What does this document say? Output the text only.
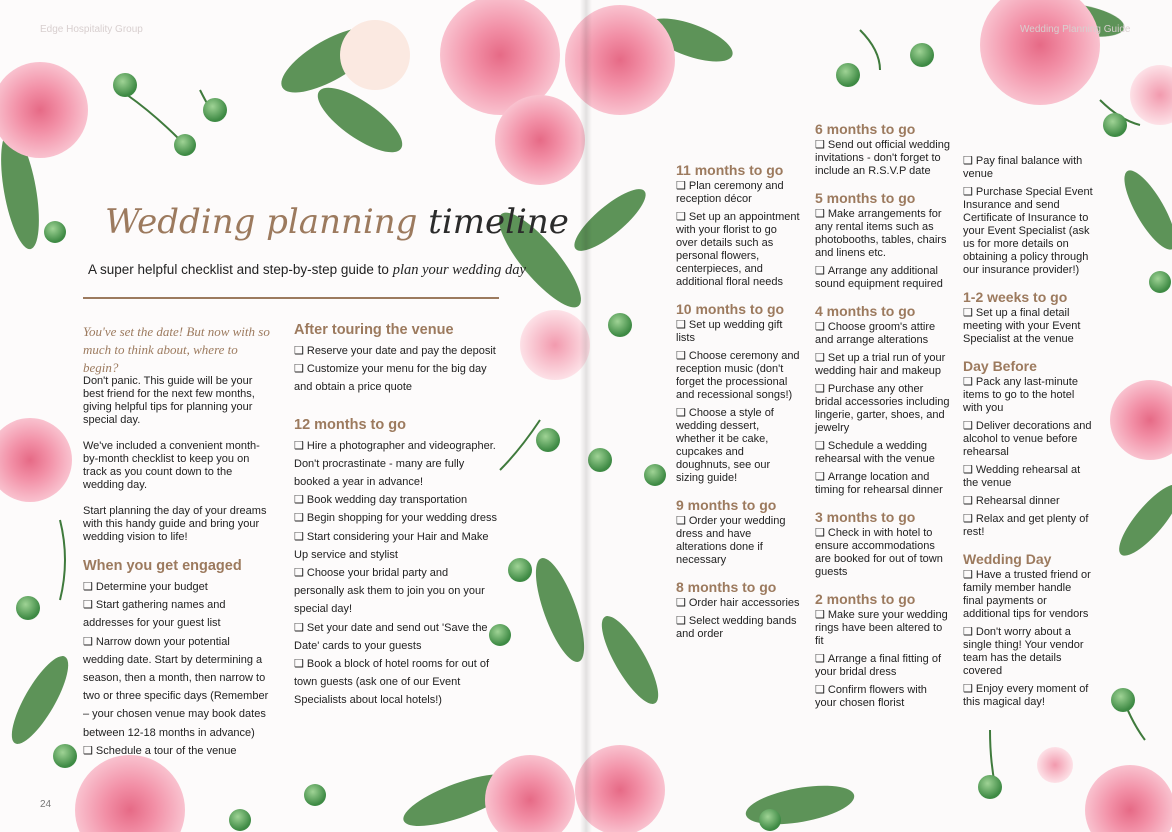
Edge Hospitality Group	Wedding Planning Guide
24
Wedding planning timeline
A super helpful checklist and step-by-step guide to plan your wedding day
You've set the date! But now with so much to think about, where to begin?

Don't panic. This guide will be your best friend for the next few months, giving helpful tips for planning your special day.

We've included a convenient month-by-month checklist to keep you on track as you count down to the wedding day.

Start planning the day of your dreams with this handy guide and bring your wedding vision to life!

When you get engaged
❑ Determine your budget
❑ Start gathering names and addresses for your guest list
❑ Narrow down your potential wedding date. Start by determining a season, then a month, then narrow to two or three specific days (Remember – your chosen venue may book dates between 12-18 months in advance)
❑ Schedule a tour of the venue
After touring the venue
❑ Reserve your date and pay the deposit
❑ Customize your menu for the big day and obtain a price quote
12 months to go
❑ Hire a photographer and videographer. Don't procrastinate - many are fully booked a year in advance!
❑ Book wedding day transportation
❑ Begin shopping for your wedding dress
❑ Start considering your Hair and Make Up service and stylist
❑ Choose your bridal party and personally ask them to join you on your special day!
❑ Set your date and send out 'Save the Date' cards to your guests
❑ Book a block of hotel rooms for out of town guests (ask one of our Event Specialists about local hotels!)
11 months to go
❑ Plan ceremony and reception décor
❑ Set up an appointment with your florist to go over details such as personal flowers, centerpieces, and additional floral needs
10 months to go
❑ Set up wedding gift lists
❑ Choose ceremony and reception music (don't forget the processional and recessional songs!)
❑ Choose a style of wedding dessert, whether it be cake, cupcakes and doughnuts, see our sizing guide!
9 months to go
❑ Order your wedding dress and have alterations done if necessary
8 months to go
❑ Order hair accessories
❑ Select wedding bands and order
6 months to go
❑ Send out official wedding invitations - don't forget to include an R.S.V.P date
5 months to go
❑ Make arrangements for any rental items such as photobooths, tables, chairs and linens etc.
❑ Arrange any additional sound equipment required
4 months to go
❑ Choose groom's attire and arrange alterations
❑ Set up a trial run of your wedding hair and makeup
❑ Purchase any other bridal accessories including lingerie, garter, shoes, and jewelry
❑ Schedule a wedding rehearsal with the venue
❑ Arrange location and timing for rehearsal dinner
3 months to go
❑ Check in with hotel to ensure accommodations are booked for out of town guests
2 months to go
❑ Make sure your wedding rings have been altered to fit
❑ Arrange a final fitting of your bridal dress
❑ Confirm flowers with your chosen florist
❑ Pay final balance with venue
❑ Purchase Special Event Insurance and send Certificate of Insurance to your Event Specialist (ask us for more details on obtaining a policy through our insurance provider!)
1-2 weeks to go
❑ Set up a final detail meeting with your Event Specialist at the venue
Day Before
❑ Pack any last-minute items to go to the hotel with you
❑ Deliver decorations and alcohol to venue before rehearsal
❑ Wedding rehearsal at the venue
❑ Rehearsal dinner
❑ Relax and get plenty of rest!
Wedding Day
❑ Have a trusted friend or family member handle final payments or additional tips for vendors
❑ Don't worry about a single thing! Your vendor team has the details covered
❑ Enjoy every moment of this magical day!
